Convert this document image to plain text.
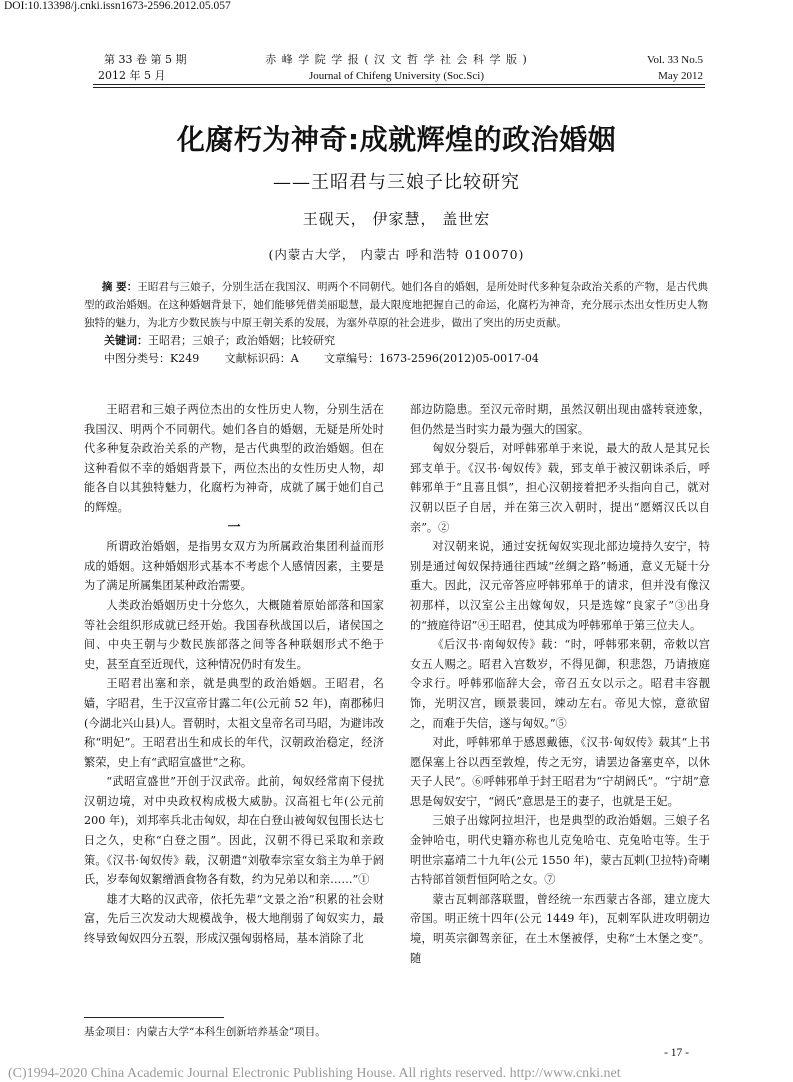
DOI:10.13398/j.cnki.issn1673-2596.2012.05.057
第 33 卷 第 5 期
2012 年 5 月
赤 峰 学 院 学 报 ( 汉 文 哲 学 社 会 科 学 版 )
Journal of Chifeng University (Soc.Sci)
Vol. 33 No.5
May 2012
化腐朽为神奇:成就辉煌的政治婚姻
——王昭君与三娘子比较研究
王砚天， 伊家慧， 盖世宏
(内蒙古大学， 内蒙古 呼和浩特 010070)
摘 要：王昭君与三娘子，分别生活在我国汉、明两个不同朝代。她们各自的婚姻，是所处时代多种复杂政治关系的产物，是古代典型的政治婚姻。在这种婚姻背景下，她们能够凭借美丽聪慧，最大限度地把握自己的命运，化腐朽为神奇，充分展示杰出女性历史人物独特的魅力，为北方少数民族与中原王朝关系的发展，为塞外草原的社会进步，做出了突出的历史贡献。
关键词：王昭君；三娘子；政治婚姻；比较研究
中图分类号：K249 文献标识码：A 文章编号：1673-2596(2012)05-0017-04

王昭君和三娘子两位杰出的女性历史人物，分别生活在我国汉、明两个不同朝代。她们各自的婚姻，无疑是所处时代多种复杂政治关系的产物，是古代典型的政治婚姻。但在这种看似不幸的婚姻背景下，两位杰出的女性历史人物，却能各自以其独特魅力，化腐朽为神奇，成就了属于她们自己的辉煌。

一

所谓政治婚姻，是指男女双方为所属政治集团利益而形成的婚姻。这种婚姻形式基本不考虑个人感情因素，主要是为了满足所属集团某种政治需要。

人类政治婚姻历史十分悠久，大概随着原始部落和国家等社会组织形成就已经开始。我国春秋战国以后，诸侯国之间、中央王朝与少数民族部落之间等各种联姻形式不绝于史，甚至直至近现代，这种情况仍时有发生。

王昭君出塞和亲，就是典型的政治婚姻。王昭君，名嫱，字昭君，生于汉宣帝甘露二年(公元前 52 年)，南郡秭归(今湖北兴山县)人。晋朝时，太祖文皇帝名司马昭，为避讳改称“明妃”。王昭君出生和成长的年代，汉朝政治稳定，经济繁荣，史上有“武昭宣盛世”之称。

“武昭宣盛世”开创于汉武帝。此前，匈奴经常南下侵扰汉朝边境，对中央政权构成极大威胁。汉高祖七年(公元前 200 年)，刘邦率兵北击匈奴，却在白登山被匈奴包围长达七日之久，史称“白登之围”。因此，汉朝不得已采取和亲政策。《汉书·匈奴传》载，汉朝遣“刘敬奉宗室女翁主为单于阏氏，岁奉匈奴絮缯酒食物各有数，约为兄弟以和亲……”①

雄才大略的汉武帝，依托先辈“文景之治”积累的社会财富，先后三次发动大规模战争，极大地削弱了匈奴实力，最终导致匈奴四分五裂，形成汉强匈弱格局，基本消除了北

部边防隐患。至汉元帝时期，虽然汉朝出现由盛转衰迹象，但仍然是当时实力最为强大的国家。

匈奴分裂后，对呼韩邪单于来说，最大的敌人是其兄长郅支单于。《汉书·匈奴传》载，郅支单于被汉朝诛杀后，呼韩邪单于“且喜且惧”，担心汉朝接着把矛头指向自己，就对汉朝以臣子自居，并在第三次入朝时，提出“愿婿汉氏以自亲”。②

对汉朝来说，通过安抚匈奴实现北部边境持久安宁，特别是通过匈奴保持通往西域“丝绸之路”畅通，意义无疑十分重大。因此，汉元帝答应呼韩邪单于的请求，但并没有像汉初那样，以汉室公主出嫁匈奴，只是选嫁“良家子”③出身的“掖庭待诏”④王昭君，使其成为呼韩邪单于第三位夫人。

《后汉书·南匈奴传》载：“时，呼韩邪来朝，帝敕以宫女五人赐之。昭君入宫数岁，不得见御，积悲怨，乃请掖庭令求行。呼韩邪临辞大会，帝召五女以示之。昭君丰容靓饰，光明汉宫，顾景裴回，竦动左右。帝见大惊，意欲留之，而难于失信，遂与匈奴。”⑤

对此，呼韩邪单于感恩戴德，《汉书·匈奴传》载其“上书愿保塞上谷以西至敦煌，传之无穷，请罢边备塞吏卒，以休天子人民”。⑥呼韩邪单于封王昭君为“宁胡阏氏”。“宁胡”意思是匈奴安宁，“阏氏”意思是王的妻子，也就是王妃。

三娘子出嫁阿拉坦汗，也是典型的政治婚姻。三娘子名金钟哈屯，明代史籍亦称也儿克兔哈屯、克兔哈屯等。生于明世宗嘉靖二十九年(公元 1550 年)，蒙古瓦剌(卫拉特)奇喇古特部首领哲恒阿哈之女。⑦

蒙古瓦剌部落联盟，曾经统一东西蒙古各部，建立庞大帝国。明正统十四年(公元 1449 年)，瓦剌军队进攻明朝边境，明英宗御驾亲征，在土木堡被俘，史称“土木堡之变”。随

基金项目：内蒙古大学“本科生创新培养基金”项目。
- 17 -
(C)1994-2020 China Academic Journal Electronic Publishing House. All rights reserved. http://www.cnki.net
